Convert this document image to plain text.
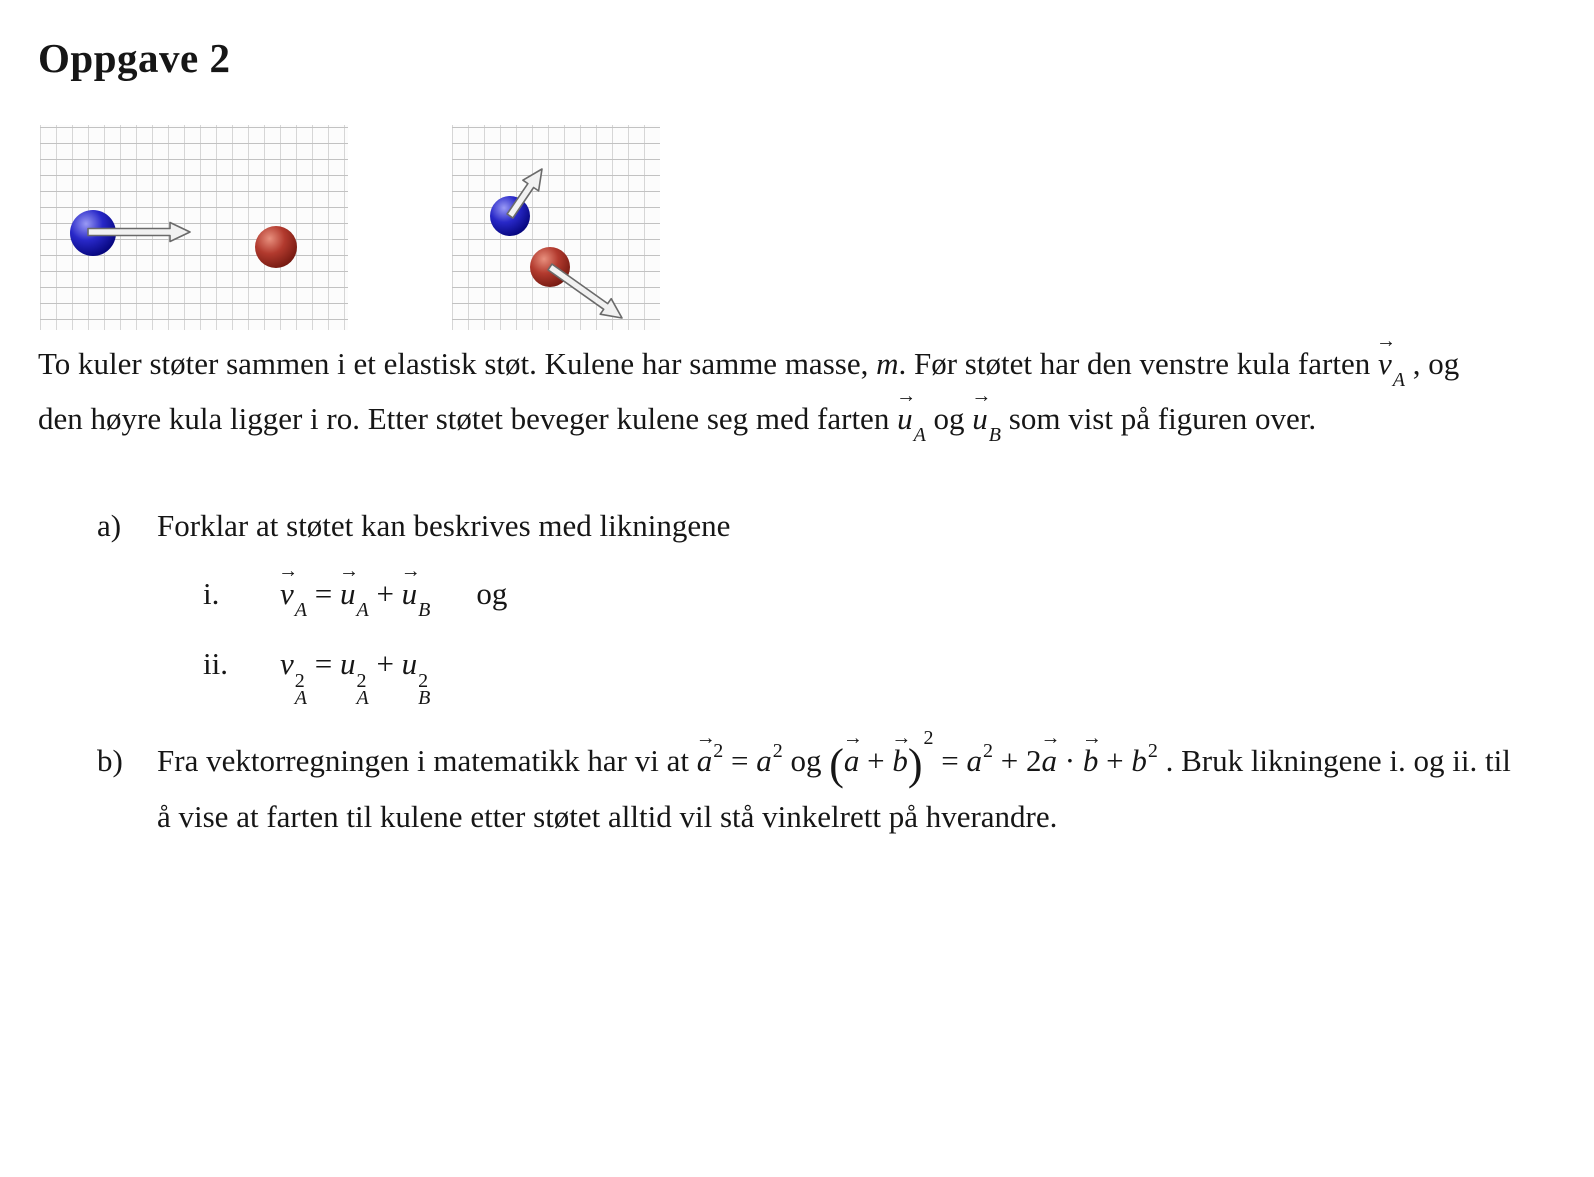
Oppgave 2
To kuler støter sammen i et elastisk støt. Kulene har samme masse, m. Før støtet har den venstre kula farten
→
$v_A$ , og den høyre kula ligger i ro. Etter støtet beveger kulene seg med farten
→
$u_A$ og
→
$u_B$ som vist på figuren over.
a)	Forklar at støtet kan beskrives med likningene
i.
→
$v_A$ =
→
$u_A$ +
→
$u_B$ og
ii.	v 2
A
= u 2
A
+ u 2
B
b)	Fra vektorregningen i matematikk har vi at
→
$a^2 = a^2$ og (
→
a +
→
$b)^2 = a^2 + 2$
→
a ·
→
$b + b^2$ . Bruk likningene i. og ii. til å vise at farten til kulene etter støtet alltid vil stå vinkelrett på hverandre.
